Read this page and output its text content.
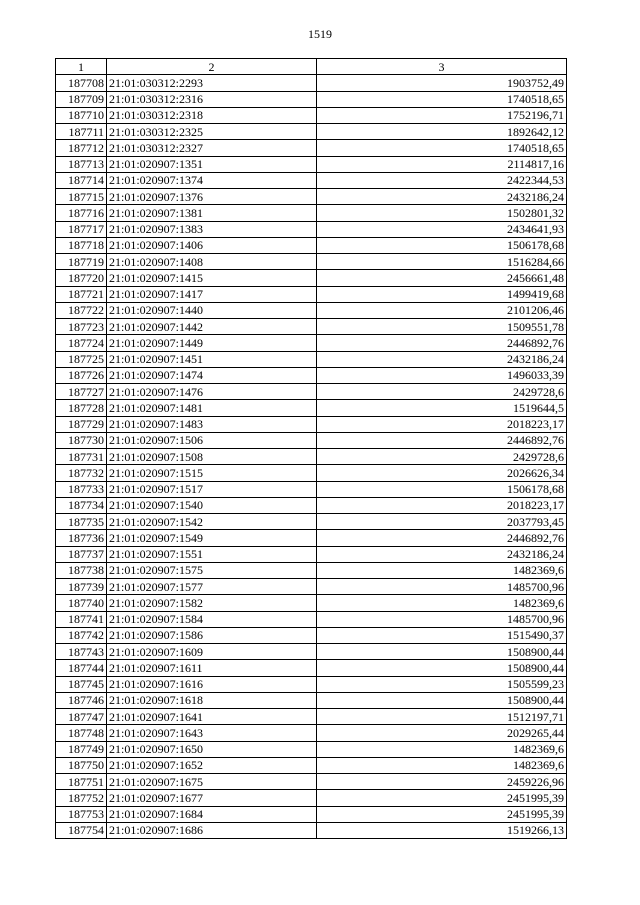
1519
1	2	3
187708	21:01:030312:2293	1903752,49
187709	21:01:030312:2316	1740518,65
187710	21:01:030312:2318	1752196,71
187711	21:01:030312:2325	1892642,12
187712	21:01:030312:2327	1740518,65
187713	21:01:020907:1351	2114817,16
187714	21:01:020907:1374	2422344,53
187715	21:01:020907:1376	2432186,24
187716	21:01:020907:1381	1502801,32
187717	21:01:020907:1383	2434641,93
187718	21:01:020907:1406	1506178,68
187719	21:01:020907:1408	1516284,66
187720	21:01:020907:1415	2456661,48
187721	21:01:020907:1417	1499419,68
187722	21:01:020907:1440	2101206,46
187723	21:01:020907:1442	1509551,78
187724	21:01:020907:1449	2446892,76
187725	21:01:020907:1451	2432186,24
187726	21:01:020907:1474	1496033,39
187727	21:01:020907:1476	2429728,6
187728	21:01:020907:1481	1519644,5
187729	21:01:020907:1483	2018223,17
187730	21:01:020907:1506	2446892,76
187731	21:01:020907:1508	2429728,6
187732	21:01:020907:1515	2026626,34
187733	21:01:020907:1517	1506178,68
187734	21:01:020907:1540	2018223,17
187735	21:01:020907:1542	2037793,45
187736	21:01:020907:1549	2446892,76
187737	21:01:020907:1551	2432186,24
187738	21:01:020907:1575	1482369,6
187739	21:01:020907:1577	1485700,96
187740	21:01:020907:1582	1482369,6
187741	21:01:020907:1584	1485700,96
187742	21:01:020907:1586	1515490,37
187743	21:01:020907:1609	1508900,44
187744	21:01:020907:1611	1508900,44
187745	21:01:020907:1616	1505599,23
187746	21:01:020907:1618	1508900,44
187747	21:01:020907:1641	1512197,71
187748	21:01:020907:1643	2029265,44
187749	21:01:020907:1650	1482369,6
187750	21:01:020907:1652	1482369,6
187751	21:01:020907:1675	2459226,96
187752	21:01:020907:1677	2451995,39
187753	21:01:020907:1684	2451995,39
187754	21:01:020907:1686	1519266,13
